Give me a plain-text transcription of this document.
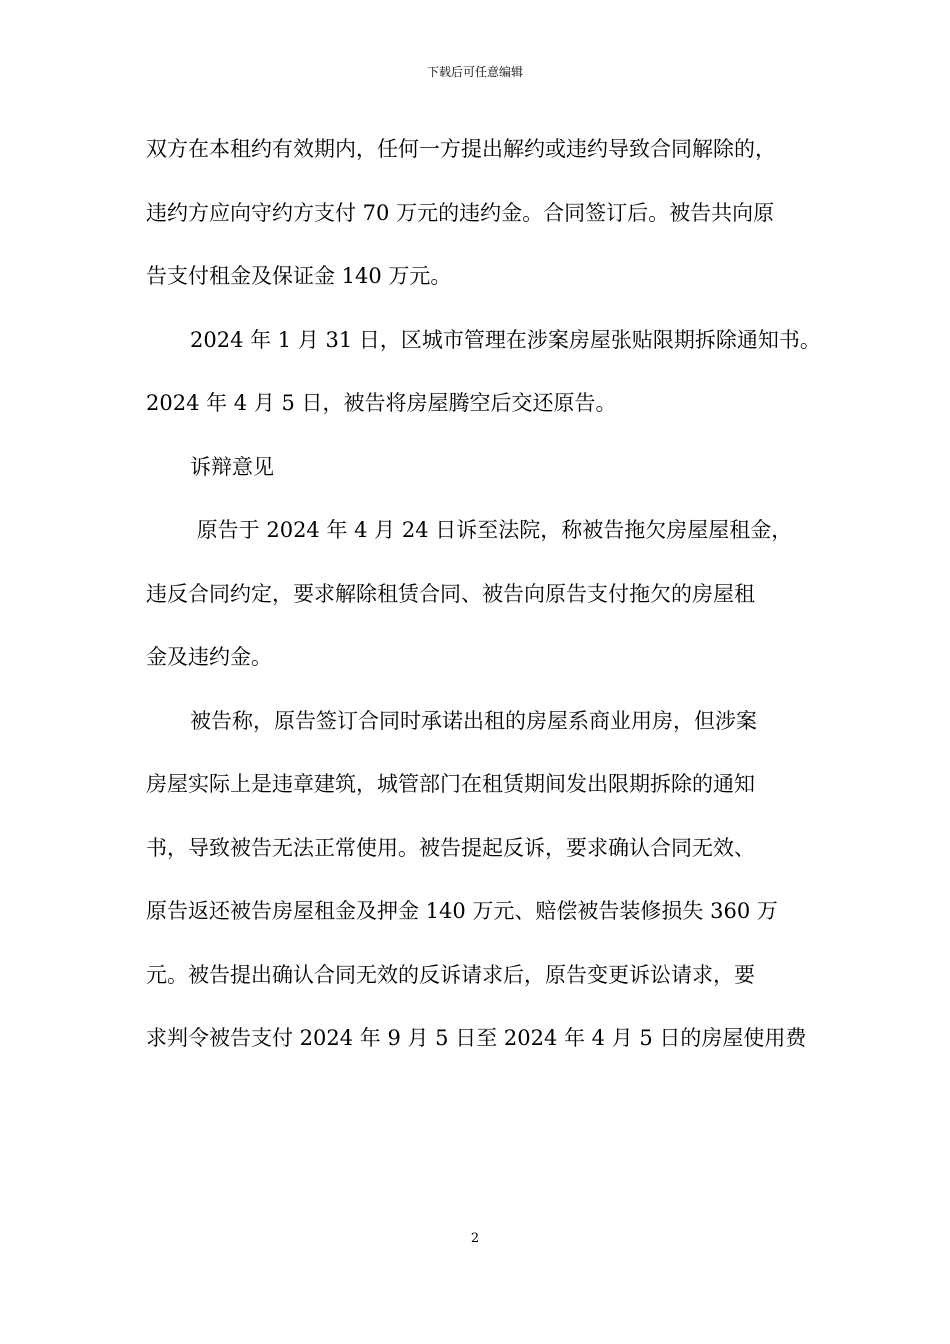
下载后可任意编辑
双方在本租约有效期内，任何一方提出解约或违约导致合同解除的，
违约方应向守约方支付 70 万元的违约金。合同签订后。被告共向原
告支付租金及保证金 140 万元。
2024 年 1 月 31 日，区城市管理在涉案房屋张贴限期拆除通知书。
2024 年 4 月 5 日，被告将房屋腾空后交还原告。
诉辩意见
原告于 2024 年 4 月 24 日诉至法院，称被告拖欠房屋屋租金，
违反合同约定，要求解除租赁合同、被告向原告支付拖欠的房屋租
金及违约金。
被告称，原告签订合同时承诺出租的房屋系商业用房，但涉案
房屋实际上是违章建筑，城管部门在租赁期间发出限期拆除的通知
书，导致被告无法正常使用。被告提起反诉，要求确认合同无效、
原告返还被告房屋租金及押金 140 万元、赔偿被告装修损失 360 万
元。被告提出确认合同无效的反诉请求后，原告变更诉讼请求，要
求判令被告支付 2024 年 9 月 5 日至 2024 年 4 月 5 日的房屋使用费
2
